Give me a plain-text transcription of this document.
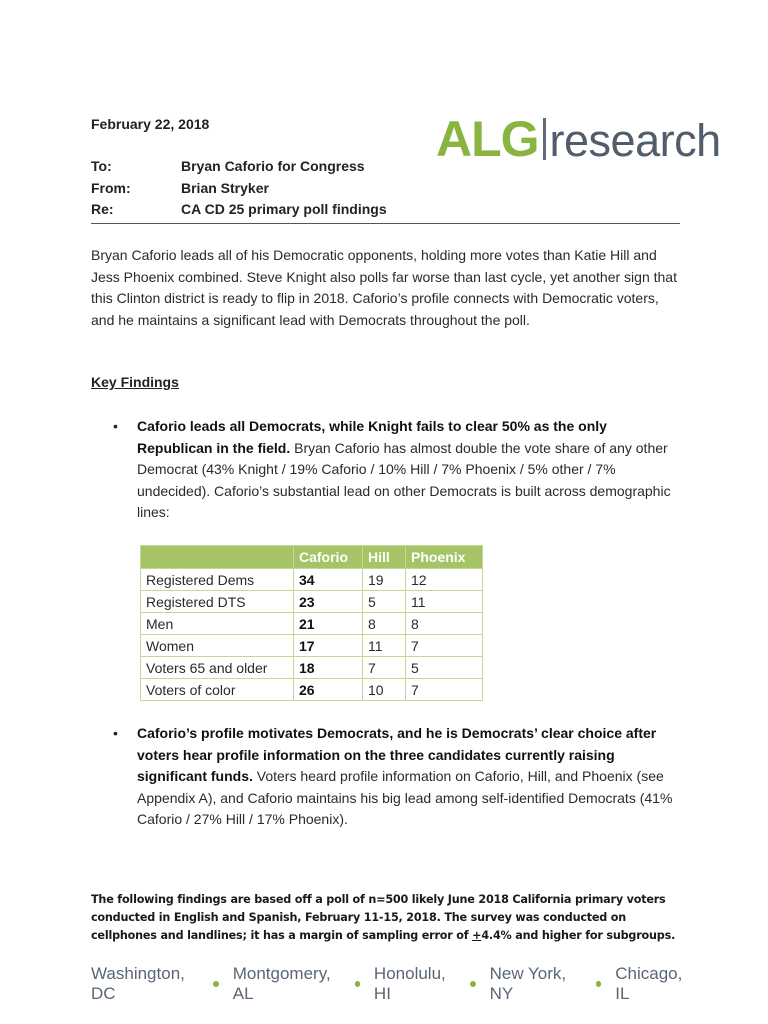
ALG research
February 22, 2018
To:	Bryan Caforio for Congress
From:	Brian Stryker
Re:	CA CD 25 primary poll findings
Bryan Caforio leads all of his Democratic opponents, holding more votes than Katie Hill and Jess Phoenix combined. Steve Knight also polls far worse than last cycle, yet another sign that this Clinton district is ready to flip in 2018. Caforio’s profile connects with Democratic voters, and he maintains a significant lead with Democrats throughout the poll.
Key Findings
• Caforio leads all Democrats, while Knight fails to clear 50% as the only Republican in the field. Bryan Caforio has almost double the vote share of any other Democrat (43% Knight / 19% Caforio / 10% Hill / 7% Phoenix / 5% other / 7% undecided). Caforio’s substantial lead on other Democrats is built across demographic lines:
	Caforio	Hill	Phoenix
Registered Dems	34	19	12
Registered DTS	23	5	11
Men	21	8	8
Women	17	11	7
Voters 65 and older	18	7	5
Voters of color	26	10	7
• Caforio’s profile motivates Democrats, and he is Democrats’ clear choice after voters hear profile information on the three candidates currently raising significant funds. Voters heard profile information on Caforio, Hill, and Phoenix (see Appendix A), and Caforio maintains his big lead among self-identified Democrats (41% Caforio / 27% Hill / 17% Phoenix).
The following findings are based off a poll of n=500 likely June 2018 California primary voters conducted in English and Spanish, February 11-15, 2018. The survey was conducted on cellphones and landlines; it has a margin of sampling error of +4.4% and higher for subgroups.
Washington, DC
Montgomery, AL
Honolulu, HI
New York, NY
Chicago, IL
